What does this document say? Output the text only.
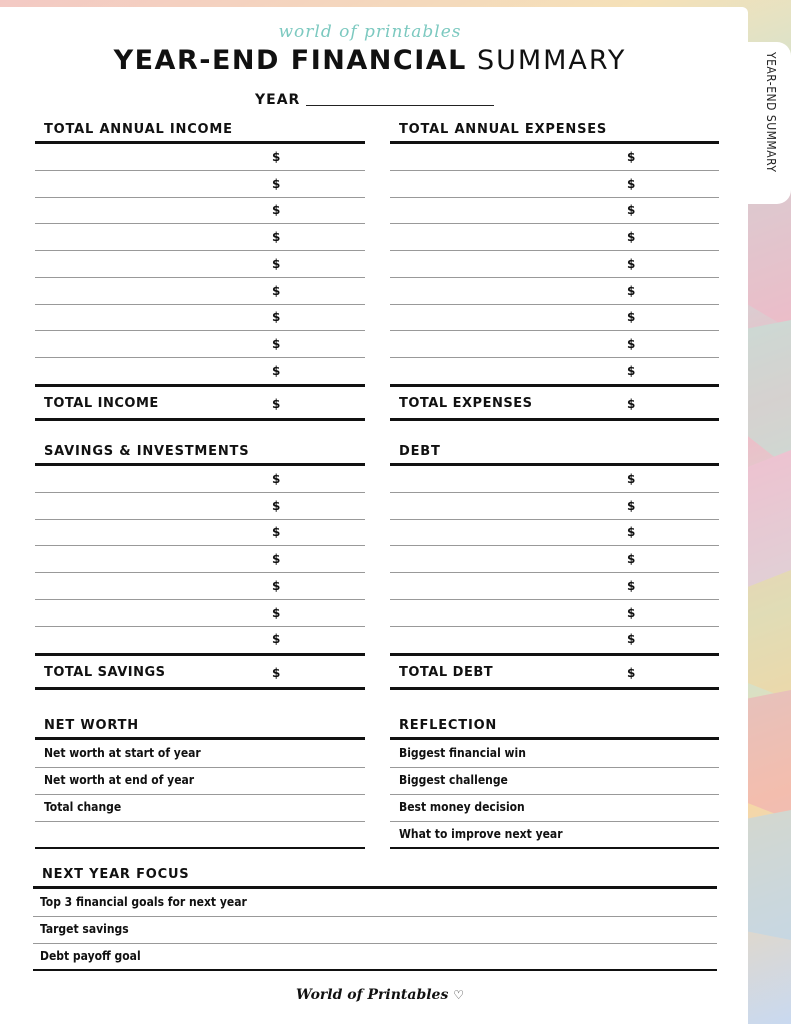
YEAR-END SUMMARY
world of printables
YEAR-END FINANCIAL SUMMARY
YEAR
TOTAL ANNUAL INCOME
$
$
$
$
$
$
$
$
$
TOTAL INCOME	$
TOTAL ANNUAL EXPENSES
$
$
$
$
$
$
$
$
$
TOTAL EXPENSES	$
SAVINGS & INVESTMENTS
$
$
$
$
$
$
$
TOTAL SAVINGS	$
DEBT
$
$
$
$
$
$
$
TOTAL DEBT	$
NET WORTH
Net worth at start of year
Net worth at end of year
Total change
REFLECTION
Biggest financial win
Biggest challenge
Best money decision
What to improve next year
NEXT YEAR FOCUS
Top 3 financial goals for next year
Target savings
Debt payoff goal
World of Printables ♡
